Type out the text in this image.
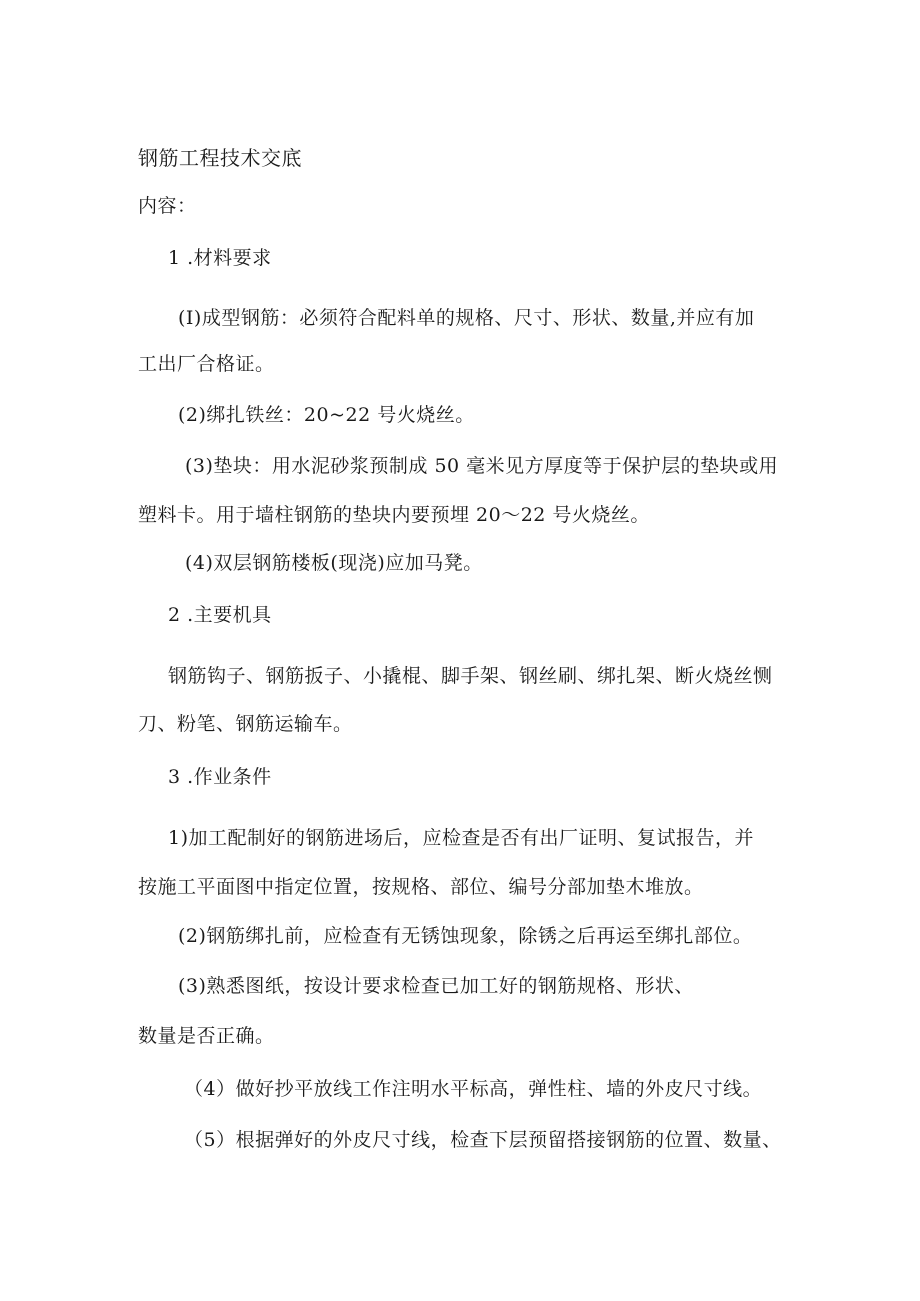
钢筋工程技术交底
内容：
1 .材料要求
(I)成型钢筋：必须符合配料单的规格、尺寸、形状、数量,并应有加
工出厂合格证。
(2)绑扎铁丝：20~22 号火烧丝。
(3)垫块：用水泥砂浆预制成 50 毫米见方厚度等于保护层的垫块或用
塑料卡。用于墙柱钢筋的垫块内要预埋 20～22 号火烧丝。
(4)双层钢筋楼板(现浇)应加马凳。
2 .主要机具
钢筋钩子、钢筋扳子、小撬棍、脚手架、钢丝刷、绑扎架、断火烧丝恻
刀、粉笔、钢筋运输车。
3 .作业条件
1)加工配制好的钢筋进场后，应检查是否有出厂证明、复试报告，并
按施工平面图中指定位置，按规格、部位、编号分部加垫木堆放。
(2)钢筋绑扎前，应检查有无锈蚀现象，除锈之后再运至绑扎部位。
(3)熟悉图纸，按设计要求检查已加工好的钢筋规格、形状、
数量是否正确。
（4）做好抄平放线工作注明水平标高，弹性柱、墙的外皮尺寸线。
（5）根据弹好的外皮尺寸线，检查下层预留搭接钢筋的位置、数量、
